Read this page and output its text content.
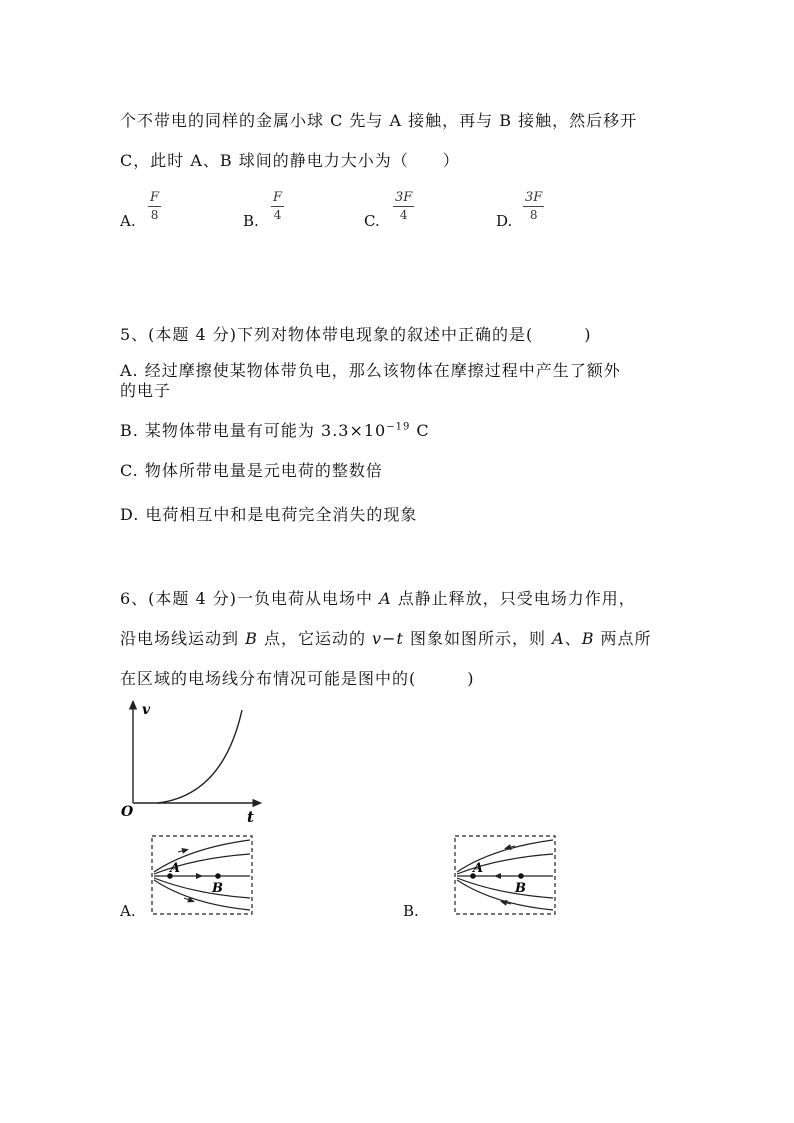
个不带电的同样的金属小球 C 先与 A 接触，再与 B 接触，然后移开
C，此时 A、B 球间的静电力大小为（　　）
A.
F
8	B.
F
4	C.
3F
4	D.
3F
8
5、(本题 4 分)下列对物体带电现象的叙述中正确的是(　　　)
A. 经过摩擦使某物体带负电，那么该物体在摩擦过程中产生了额外
的电子
B. 某物体带电量有可能为 $3.3\times 10^{-19}$ C
C. 物体所带电量是元电荷的整数倍
D. 电荷相互中和是电荷完全消失的现象
6、(本题 4 分)一负电荷从电场中 A 点静止释放，只受电场力作用，
沿电场线运动到 B 点，它运动的 v−t 图象如图所示，则 A、B 两点所
在区域的电场线分布情况可能是图中的(　　　)
v
t
O
A.
A
B
B.
A
B
